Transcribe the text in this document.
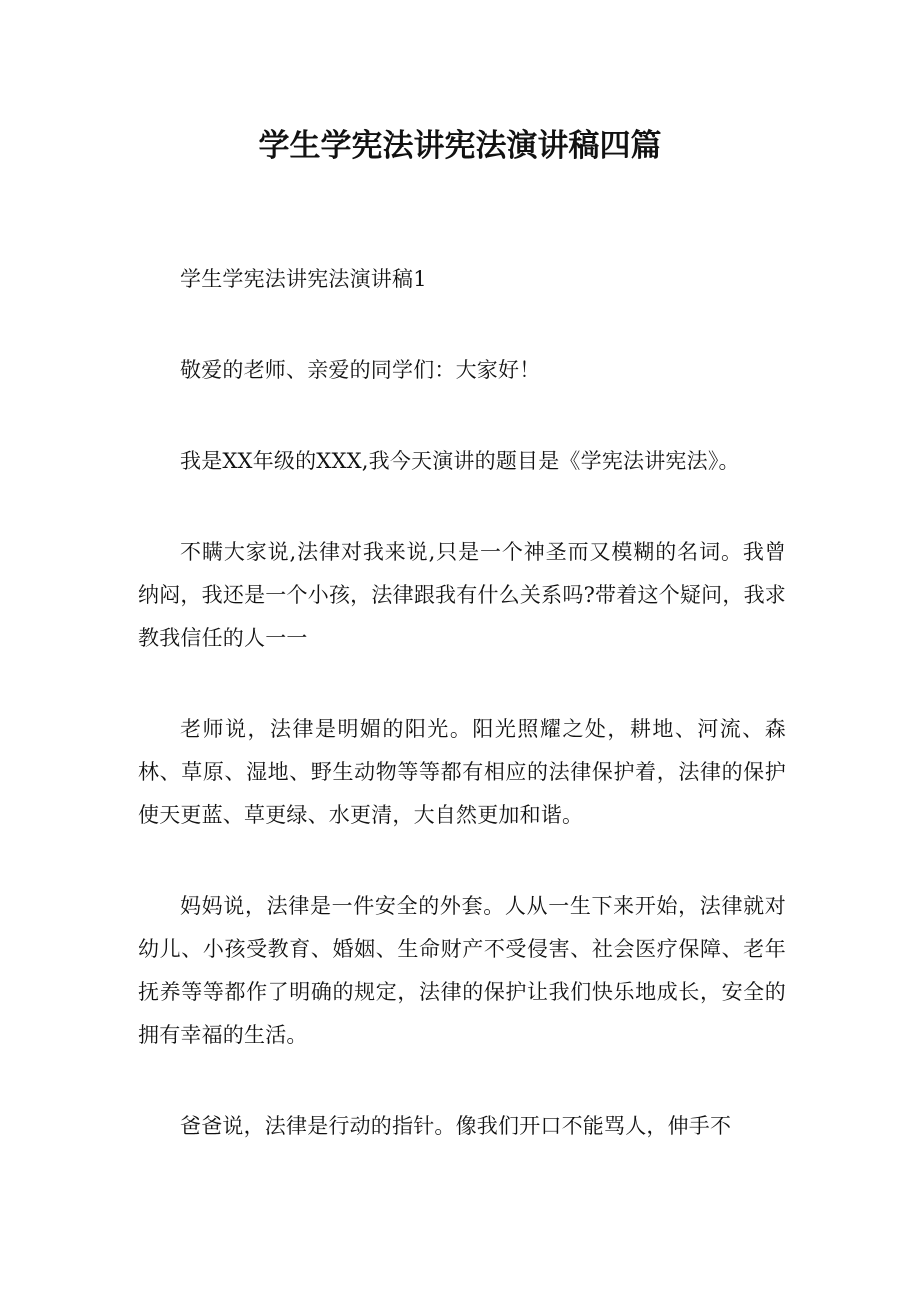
学生学宪法讲宪法演讲稿四篇

学生学宪法讲宪法演讲稿1

敬爱的老师、亲爱的同学们：大家好！

我是XX年级的XXX,我今天演讲的题目是《学宪法讲宪法》。

不瞒大家说,法律对我来说,只是一个神圣而又模糊的名词。我曾纳闷，我还是一个小孩，法律跟我有什么关系吗?带着这个疑问，我求教我信任的人一一

老师说，法律是明媚的阳光。阳光照耀之处，耕地、河流、森林、草原、湿地、野生动物等等都有相应的法律保护着，法律的保护使天更蓝、草更绿、水更清，大自然更加和谐。

妈妈说，法律是一件安全的外套。人从一生下来开始，法律就对幼儿、小孩受教育、婚姻、生命财产不受侵害、社会医疗保障、老年抚养等等都作了明确的规定，法律的保护让我们快乐地成长，安全的拥有幸福的生活。

爸爸说，法律是行动的指针。像我们开口不能骂人，伸手不
